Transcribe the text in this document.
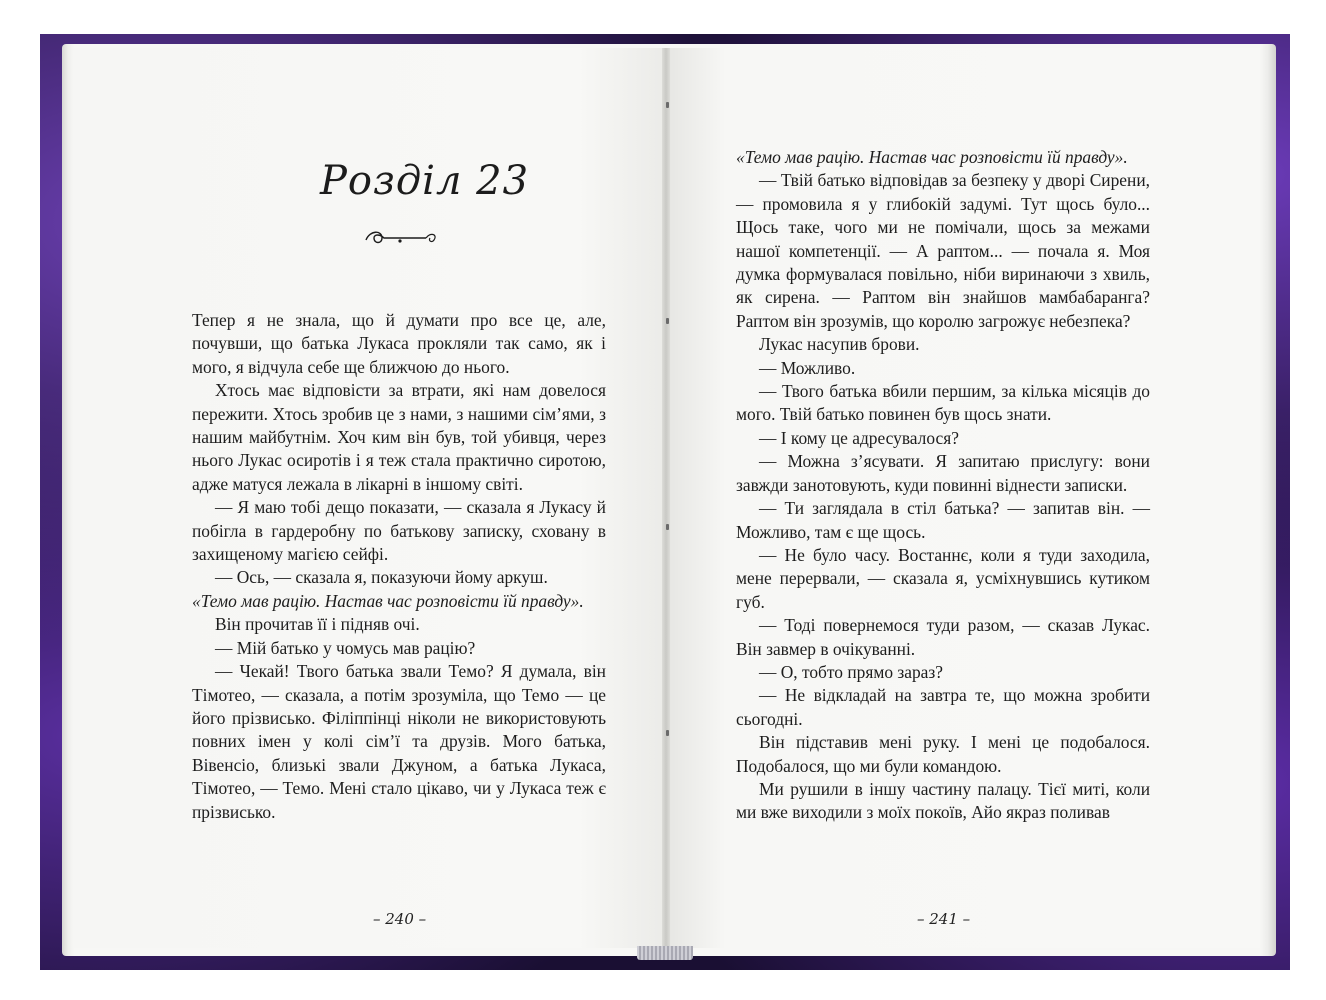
Розділ 23

Тепер я не знала, що й думати про все це, але, почувши, що батька Лукаса прокляли так само, як і мого, я відчула себе ще ближчою до нього.

Хтось має відповісти за втрати, які нам довелося пережити. Хтось зробив це з нами, з нашими сім’ями, з нашим майбутнім. Хоч ким він був, той убивця, через нього Лукас осиротів і я теж стала практично сиротою, адже матуся лежала в лікарні в іншому світі.

— Я маю тобі дещо показати, — сказала я Лукасу й побігла в гардеробну по батькову записку, сховану в захищеному магією сейфі.

— Ось, — сказала я, показуючи йому аркуш.

«Темо мав рацію. Настав час розповісти їй правду».

Він прочитав її і підняв очі.

— Мій батько у чомусь мав рацію?

— Чекай! Твого батька звали Темо? Я думала, він Тімотео, — сказала, а потім зрозуміла, що Темо — це його прізвисько. Філіппінці ніколи не використовують повних імен у колі сім’ї та друзів. Мого батька, Вівенсіо, близькі звали Джуном, а батька Лукаса, Тімотео, — Темо. Мені стало цікаво, чи у Лукаса теж є прізвисько.

«Темо мав рацію. Настав час розповісти їй правду».

— Твій батько відповідав за безпеку у дворі Сирени, — промовила я у глибокій задумі. Тут щось було... Щось таке, чого ми не помічали, щось за межами нашої компетенції. — А раптом... — почала я. Моя думка формувалася повільно, ніби виринаючи з хвиль, як сирена. — Раптом він знайшов мамбабаранга? Раптом він зрозумів, що королю загрожує небезпека?

Лукас насупив брови.

— Можливо.

— Твого батька вбили першим, за кілька місяців до мого. Твій батько повинен був щось знати.

— І кому це адресувалося?

— Можна з’ясувати. Я запитаю прислугу: вони завжди занотовують, куди повинні віднести записки.

— Ти заглядала в стіл батька? — запитав він. — Можливо, там є ще щось.

— Не було часу. Востаннє, коли я туди заходила, мене перервали, — сказала я, усміхнувшись кутиком губ.

— Тоді повернемося туди разом, — сказав Лукас. Він завмер в очікуванні.

— О, тобто прямо зараз?

— Не відкладай на завтра те, що можна зробити сьогодні.

Він підставив мені руку. І мені це подобалося. Подобалося, що ми були командою.

Ми рушили в іншу частину палацу. Тієї миті, коли ми вже виходили з моїх покоїв, Айо якраз поливав

– 240 –	– 241 –
